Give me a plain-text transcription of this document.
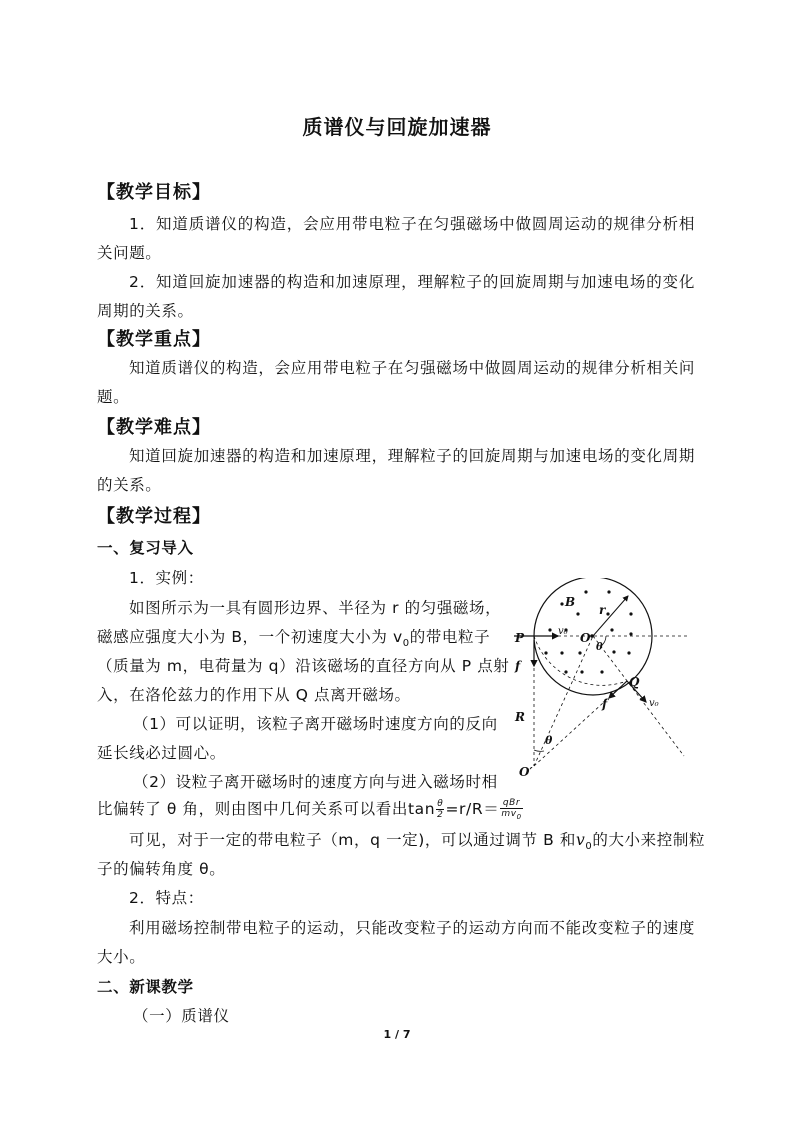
质谱仪与回旋加速器
【教学目标】

1．知道质谱仪的构造，会应用带电粒子在匀强磁场中做圆周运动的规律分析相关问题。

2．知道回旋加速器的构造和加速原理，理解粒子的回旋周期与加速电场的变化周期的关系。

【教学重点】

知道质谱仪的构造，会应用带电粒子在匀强磁场中做圆周运动的规律分析相关问题。

【教学难点】

知道回旋加速器的构造和加速原理，理解粒子的回旋周期与加速电场的变化周期的关系。

【教学过程】
一、复习导入
1．实例：
如图所示为一具有圆形边界、半径为 r 的匀强磁场，
磁感应强度大小为 B，一个初速度大小为 $v_0$的带电粒子
（质量为 m，电荷量为 q）沿该磁场的直径方向从 P 点射
入，在洛伦兹力的作用下从 Q 点离开磁场。
（1）可以证明，该粒子离开磁场时速度方向的反向
延长线必过圆心。
（2）设粒子离开磁场时的速度方向与进入磁场时相
比偏转了 θ 角，则由图中几何关系可以看出$\tan \frac{\theta}{2} =r/R= \frac{\text{qBr}}{mv_0}$
可见，对于一定的带电粒子（m，q 一定)，可以通过调节 B 和$v_0$的大小来控制粒
子的偏转角度 θ。
2．特点：

利用磁场控制带电粒子的运动，只能改变粒子的运动方向而不能改变粒子的速度大小。

二、新课教学
（一）质谱仪
B
r
P	v₀ O
θ
f
Q
R
f	v₀
θ
O′
1 / 7
